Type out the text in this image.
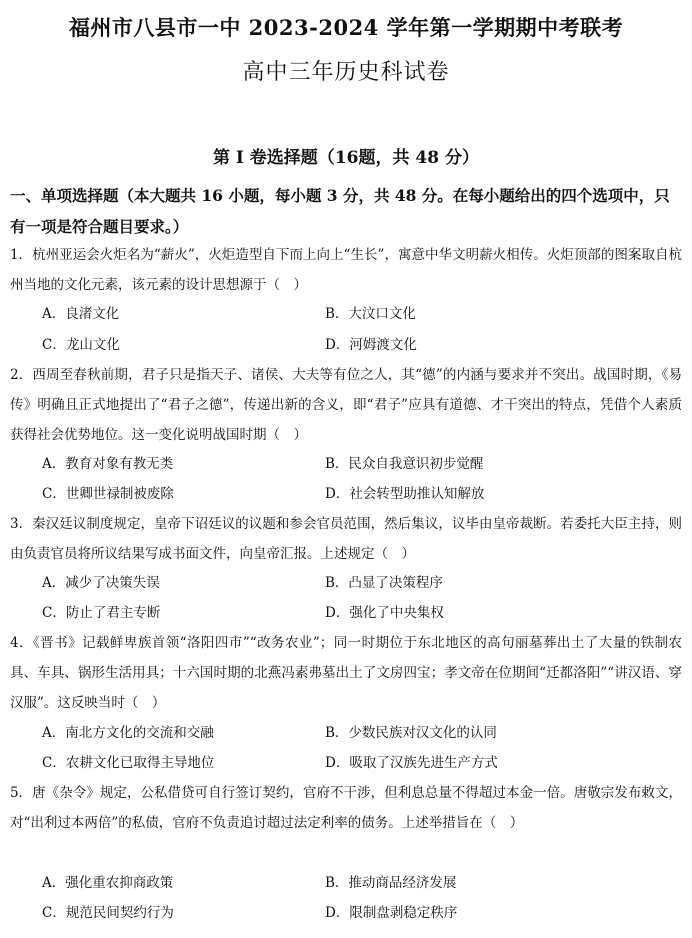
福州市八县市一中 2023-2024 学年第一学期期中考联考
高中三年历史科试卷
第 I 卷选择题（16题，共 48 分）
一、单项选择题（本大题共 16 小题，每小题 3 分，共 48 分。在每小题给出的四个选项中，只有一项是符合题目要求。）
1．杭州亚运会火炬名为“薪火”，火炬造型自下而上向上“生长”，寓意中华文明薪火相传。火炬顶部的图案取自杭州当地的文化元素，该元素的设计思想源于（　）
A．良渚文化	B．大汶口文化
C．龙山文化	D．河姆渡文化
2．西周至春秋前期，君子只是指天子、诸侯、大夫等有位之人，其“德”的内涵与要求并不突出。战国时期，《易传》明确且正式地提出了“君子之德”，传递出新的含义，即“君子”应具有道德、才干突出的特点，凭借个人素质获得社会优势地位。这一变化说明战国时期（　）
A．教育对象有教无类	B．民众自我意识初步觉醒
C．世卿世禄制被废除	D．社会转型助推认知解放
3．秦汉廷议制度规定，皇帝下诏廷议的议题和参会官员范围，然后集议，议毕由皇帝裁断。若委托大臣主持，则由负责官员将所议结果写成书面文件，向皇帝汇报。上述规定（　）
A．减少了决策失误	B．凸显了决策程序
C．防止了君主专断	D．强化了中央集权
4．《晋书》记载鲜卑族首领“洛阳四市”“改务农业”；同一时期位于东北地区的高句丽墓葬出土了大量的铁制农具、车具、锅形生活用具；十六国时期的北燕冯素弗墓出土了文房四宝；孝文帝在位期间“迁都洛阳”“讲汉语、穿汉服”。这反映当时（　）
A．南北方文化的交流和交融	B．少数民族对汉文化的认同
C．农耕文化已取得主导地位	D．吸取了汉族先进生产方式
5．唐《杂令》规定，公私借贷可自行签订契约，官府不干涉，但利息总量不得超过本金一倍。唐敬宗发布敕文，对“出利过本两倍”的私债，官府不负责追讨超过法定利率的债务。上述举措旨在（　）
A．强化重农抑商政策	B．推动商品经济发展
C．规范民间契约行为	D．限制盘剥稳定秩序
